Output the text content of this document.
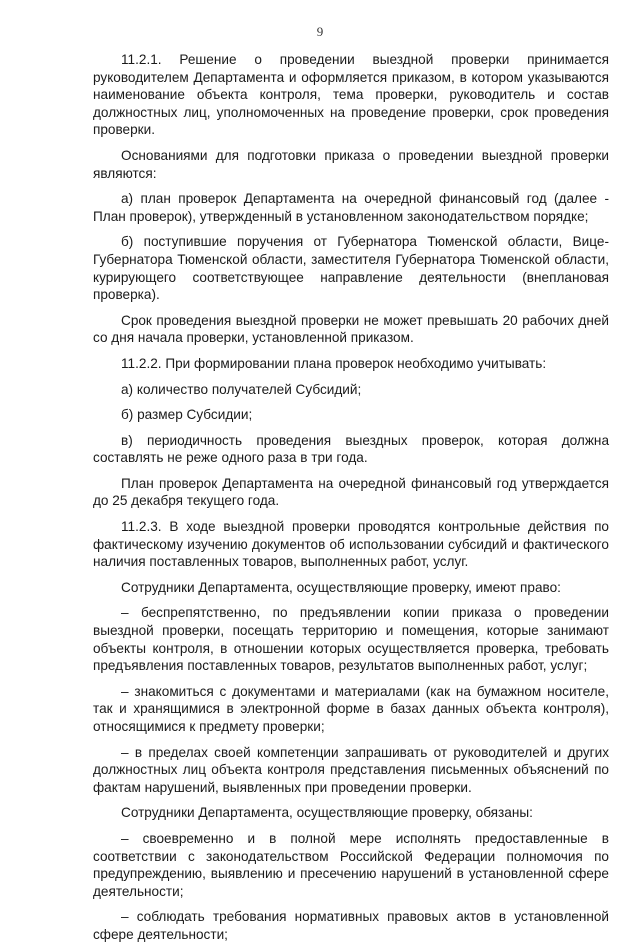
9

11.2.1. Решение о проведении выездной проверки принимается руководителем Департамента и оформляется приказом, в котором указываются наименование объекта контроля, тема проверки, руководитель и состав должностных лиц, уполномоченных на проведение проверки, срок проведения проверки.

Основаниями для подготовки приказа о проведении выездной проверки являются:

а) план проверок Департамента на очередной финансовый год (далее - План проверок), утвержденный в установленном законодательством порядке;

б) поступившие поручения от Губернатора Тюменской области, Вице-Губернатора Тюменской области, заместителя Губернатора Тюменской области, курирующего соответствующее направление деятельности (внеплановая проверка).

Срок проведения выездной проверки не может превышать 20 рабочих дней со дня начала проверки, установленной приказом.

11.2.2. При формировании плана проверок необходимо учитывать:

а) количество получателей Субсидий;

б) размер Субсидии;

в) периодичность проведения выездных проверок, которая должна составлять не реже одного раза в три года.

План проверок Департамента на очередной финансовый год утверждается до 25 декабря текущего года.

11.2.3. В ходе выездной проверки проводятся контрольные действия по фактическому изучению документов об использовании субсидий и фактического наличия поставленных товаров, выполненных работ, услуг.

Сотрудники Департамента, осуществляющие проверку, имеют право:

– беспрепятственно, по предъявлении копии приказа о проведении выездной проверки, посещать территорию и помещения, которые занимают объекты контроля, в отношении которых осуществляется проверка, требовать предъявления поставленных товаров, результатов выполненных работ, услуг;

– знакомиться с документами и материалами (как на бумажном носителе, так и хранящимися в электронной форме в базах данных объекта контроля), относящимися к предмету проверки;

– в пределах своей компетенции запрашивать от руководителей и других должностных лиц объекта контроля представления письменных объяснений по фактам нарушений, выявленных при проведении проверки.

Сотрудники Департамента, осуществляющие проверку, обязаны:

– своевременно и в полной мере исполнять предоставленные в соответствии с законодательством Российской Федерации полномочия по предупреждению, выявлению и пресечению нарушений в установленной сфере деятельности;

– соблюдать требования нормативных правовых актов в установленной сфере деятельности;
